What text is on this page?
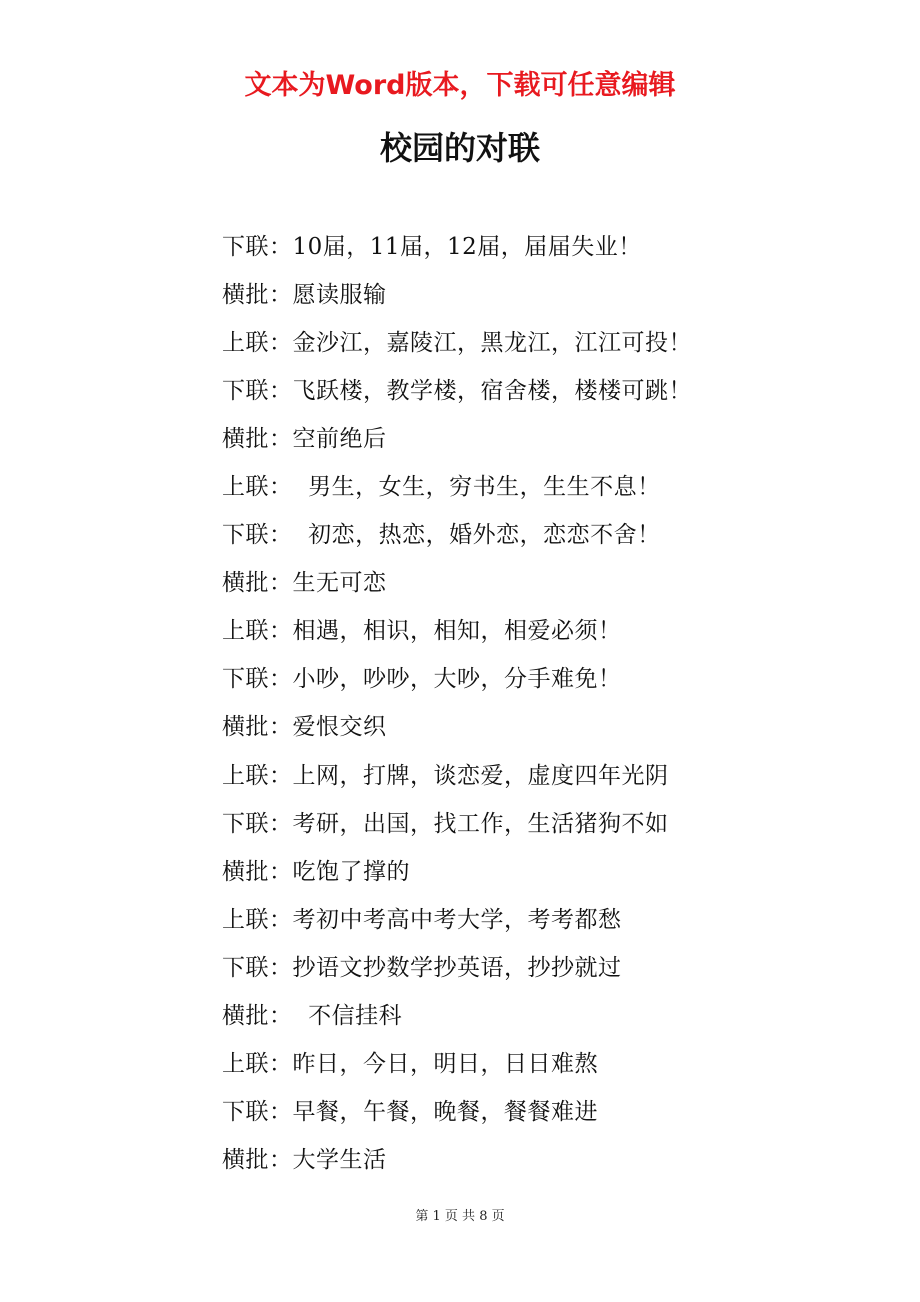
文本为Word版本，下载可任意编辑
校园的对联
下联： 10届，11届，12届，届届失业！
横批： 愿读服输
上联： 金沙江，嘉陵江，黑龙江，江江可投！
下联： 飞跃楼，教学楼，宿舍楼，楼楼可跳！
横批： 空前绝后
上联： 男生，女生，穷书生，生生不息！
下联： 初恋，热恋，婚外恋，恋恋不舍！
横批： 生无可恋
上联： 相遇，相识，相知，相爱必须！
下联： 小吵，吵吵，大吵，分手难免！
横批： 爱恨交织
上联： 上网，打牌，谈恋爱，虚度四年光阴
下联： 考研，出国，找工作，生活猪狗不如
横批： 吃饱了撑的
上联： 考初中考高中考大学，考考都愁
下联： 抄语文抄数学抄英语，抄抄就过
横批： 不信挂科
上联： 昨日，今日，明日，日日难熬
下联： 早餐，午餐，晚餐，餐餐难进
横批： 大学生活
第 1 页 共 8 页
